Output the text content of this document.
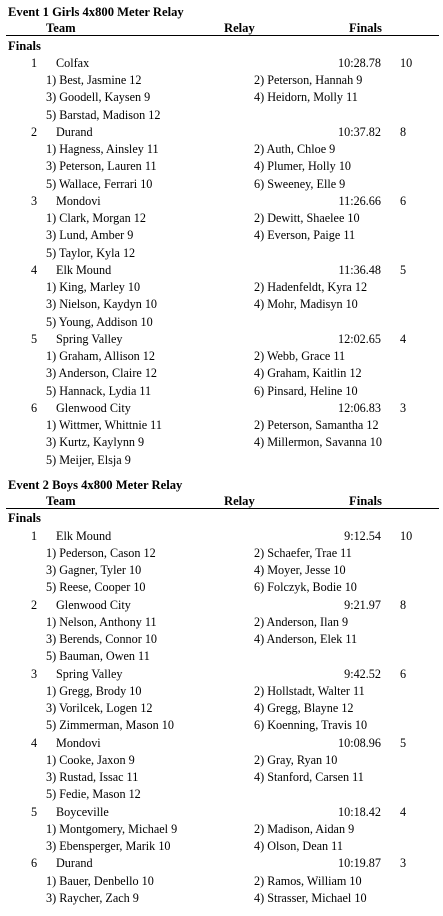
Event 1 Girls 4x800 Meter Relay
Team	Relay	Finals
Finals
1 Colfax	10:28.78 10
1) Best, Jasmine 12	2) Peterson, Hannah 9
3) Goodell, Kaysen 9	4) Heidorn, Molly 11
5) Barstad, Madison 12
2 Durand	10:37.82 8
1) Hagness, Ainsley 11	2) Auth, Chloe 9
3) Peterson, Lauren 11	4) Plumer, Holly 10
5) Wallace, Ferrari 10	6) Sweeney, Elle 9
3 Mondovi	11:26.66 6
1) Clark, Morgan 12	2) Dewitt, Shaelee 10
3) Lund, Amber 9	4) Everson, Paige 11
5) Taylor, Kyla 12
4 Elk Mound	11:36.48 5
1) King, Marley 10	2) Hadenfeldt, Kyra 12
3) Nielson, Kaydyn 10	4) Mohr, Madisyn 10
5) Young, Addison 10
5 Spring Valley	12:02.65 4
1) Graham, Allison 12	2) Webb, Grace 11
3) Anderson, Claire 12	4) Graham, Kaitlin 12
5) Hannack, Lydia 11	6) Pinsard, Heline 10
6 Glenwood City	12:06.83 3
1) Wittmer, Whittnie 11	2) Peterson, Samantha 12
3) Kurtz, Kaylynn 9	4) Millermon, Savanna 10
5) Meijer, Elsja 9
Event 2 Boys 4x800 Meter Relay
Team	Relay	Finals
Finals
1 Elk Mound	9:12.54 10
1) Pederson, Cason 12	2) Schaefer, Trae 11
3) Gagner, Tyler 10	4) Moyer, Jesse 10
5) Reese, Cooper 10	6) Folczyk, Bodie 10
2 Glenwood City	9:21.97 8
1) Nelson, Anthony 11	2) Anderson, Ilan 9
3) Berends, Connor 10	4) Anderson, Elek 11
5) Bauman, Owen 11
3 Spring Valley	9:42.52 6
1) Gregg, Brody 10	2) Hollstadt, Walter 11
3) Vorilcek, Logen 12	4) Gregg, Blayne 12
5) Zimmerman, Mason 10	6) Koenning, Travis 10
4 Mondovi	10:08.96 5
1) Cooke, Jaxon 9	2) Gray, Ryan 10
3) Rustad, Issac 11	4) Stanford, Carsen 11
5) Fedie, Mason 12
5 Boyceville	10:18.42 4
1) Montgomery, Michael 9	2) Madison, Aidan 9
3) Ebensperger, Marik 10	4) Olson, Dean 11
6 Durand	10:19.87 3
1) Bauer, Denbello 10	2) Ramos, William 10
3) Raycher, Zach 9	4) Strasser, Michael 10
